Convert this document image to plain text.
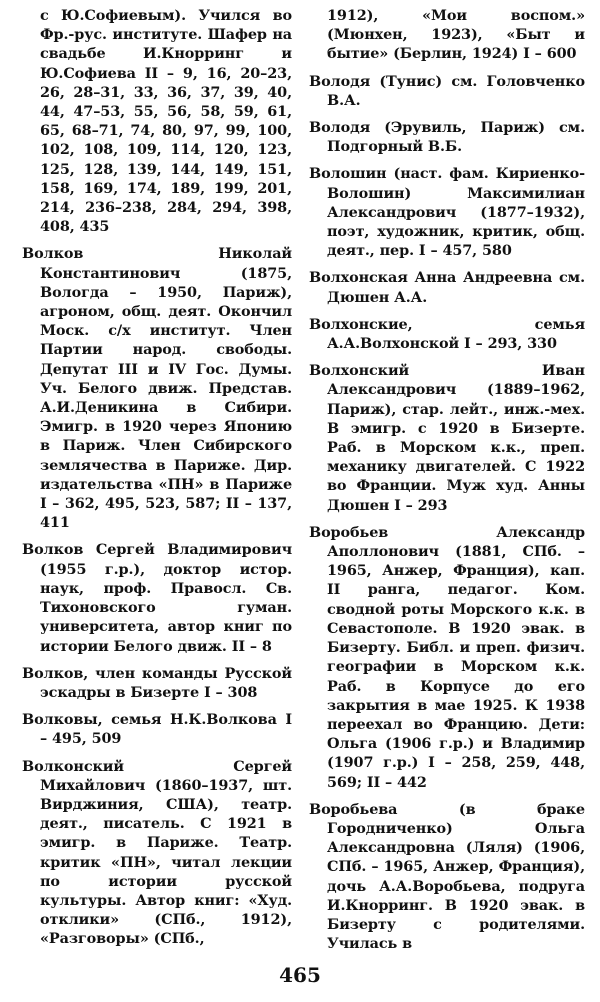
с Ю.Софиевым). Учился во Фр.-рус. институте. Шафер на свадьбе И.Кнорринг и Ю.Софиева II – 9, 16, 20–23, 26, 28–31, 33, 36, 37, 39, 40, 44, 47–53, 55, 56, 58, 59, 61, 65, 68–71, 74, 80, 97, 99, 100, 102, 108, 109, 114, 120, 123, 125, 128, 139, 144, 149, 151, 158, 169, 174, 189, 199, 201, 214, 236–238, 284, 294, 398, 408, 435

Волков Николай Константинович (1875, Вологда – 1950, Париж), агроном, общ. деят. Окончил Моск. с/х институт. Член Партии народ. свободы. Депутат III и IV Гос. Думы. Уч. Белого движ. Представ. А.И.Деникина в Сибири. Эмигр. в 1920 через Японию в Париж. Член Сибирского землячества в Париже. Дир. издательства «ПН» в Париже I – 362, 495, 523, 587; II – 137, 411

Волков Сергей Владимирович (1955 г.р.), доктор истор. наук, проф. Правосл. Св. Тихоновского гуман. университета, автор книг по истории Белого движ. II – 8

Волков, член команды Русской эскадры в Бизерте I – 308

Волковы, семья Н.К.Волкова I – 495, 509

Волконский Сергей Михайлович (1860–1937, шт. Вирджиния, США), театр. деят., писатель. С 1921 в эмигр. в Париже. Театр. критик «ПН», читал лекции по истории русской культуры. Автор книг: «Худ. отклики» (СПб., 1912), «Разговоры» (СПб.,

1912), «Мои воспом.» (Мюнхен, 1923), «Быт и бытие» (Берлин, 1924) I – 600

Володя (Тунис) см. Головченко В.А.

Володя (Эрувиль, Париж) см. Подгорный В.Б.

Волошин (наст. фам. Кириенко-Волошин) Максимилиан Александрович (1877–1932), поэт, художник, критик, общ. деят., пер. I – 457, 580

Волхонская Анна Андреевна см. Дюшен А.А.

Волхонские, семья А.А.Волхонской I – 293, 330

Волхонский Иван Александрович (1889–1962, Париж), стар. лейт., инж.-мех. В эмигр. с 1920 в Бизерте. Раб. в Морском к.к., преп. механику двигателей. С 1922 во Франции. Муж худ. Анны Дюшен I – 293

Воробьев Александр Аполлонович (1881, СПб. – 1965, Анжер, Франция), кап. II ранга, педагог. Ком. сводной роты Морского к.к. в Севастополе. В 1920 эвак. в Бизерту. Библ. и преп. физич. географии в Морском к.к. Раб. в Корпусе до его закрытия в мае 1925. К 1938 переехал во Францию. Дети: Ольга (1906 г.р.) и Владимир (1907 г.р.) I – 258, 259, 448, 569; II – 442

Воробьева (в браке Городниченко) Ольга Александровна (Ляля) (1906, СПб. – 1965, Анжер, Франция), дочь А.А.Воробьева, подруга И.Кнорринг. В 1920 эвак. в Бизерту с родителями. Училась в

465
